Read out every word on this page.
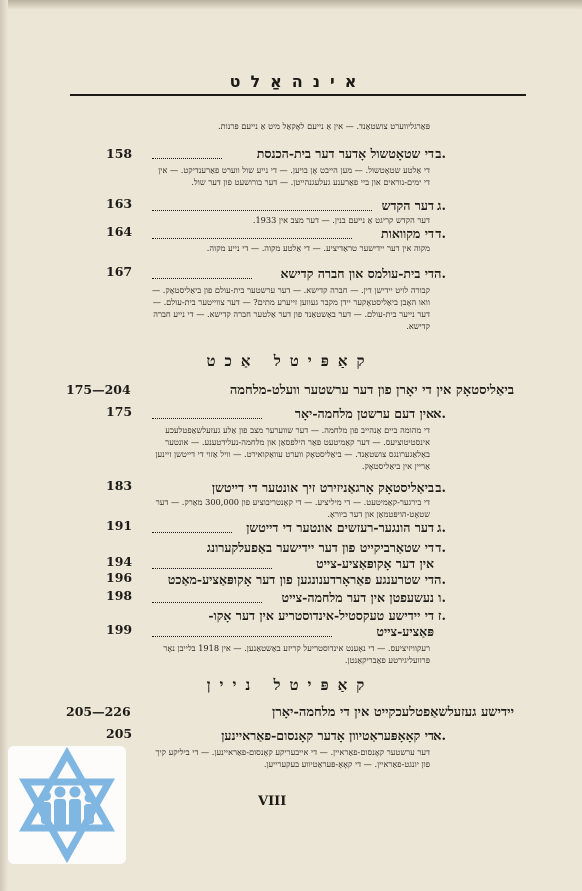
אינהאַלט
פּאַרגליווערט צושטאַנד. — אין אַ נייעם לאָקאַל מיט אַ נייעם פּרנות.
ב.
די שטאָטשול אָדער דער בית-הכנסת
158
די אַלטע שטאָטשול. — מען הייבט אָן בויען. — די נייע שול ווערט פאַרענדיקט. — אין די ימים-נוראים און ביי פאַרענע געלעגנהייטן. — דער בורושעט פון דער שול.
ג.
דער הקדש
163
דער הקדש קריגט אַ נייעם בנין. — דער מצב אין 1933.
ד.
די מקוואות
164
מקוה אין דער יידישער טראַדיציע. — די אַלטע מקוה. — די נייע מקוה.
ה.
די בית-עולמס און חברה קדישא
167
קבורה לויט יידישן דין. — חברה קדישא. — דער ערשטער בית-עולם פון ביאַליסטאָק. — וואו האָבן ביאַליסטאָקער יידן מקבר געווען זייערע מתים? — דער צווייטער בית-עולם. — דער נייער בית-עולם. — דער באַשטאַנד פון דער אַלטער חברה קדישא. — די נייע חברה קדישא.
קאַפּיטל אַכט
ביאַליסטאָק אין די יאָרן פון דער ערשטער וועלט-מלחמה
175—204
א.
אין דעם ערשטן מלחמה-יאָר
175
די מהומה ביים אַנהייב פון מלחמה. — דער שווערער מצב פון אַלע געזעלשאַפטלעכע אינסטיטוציעס. — דער קאַמיטעט פאַר הילפסאַן און מלחמה-נעלידטענע. — אונטער באַלאַגערונגס צושטאַנד. — ביאַליסטאָק ווערט עוואַקואירט. — וויל אַזוי די דייטשן זיינען אַריין אין ביאַליסטאָק.
ב.
ביאַליסטאָק אָרגאַניזירט זיך אונטער די דייטשן
183
די בירגער-קאַמיטעט. — די מיליציע. — די קאָנטריבוציע פון 300,000 מאַרק. — דער שטאָט-הויפּטמאַן און דער ביוראָ.
ג.
דער הונגער-רעזשים אונטער די דייטשן
191
ד.
די שטאַרביקייט פון דער יידישער באַפעלקערונג
אין דער אָקופּאַציע-צייט
194
ה.
די שטרענגע פאַראָרדענונגען פון דער אָקופּאַציע-מאַכט
196
ו.
נעשעפטן אין דער מלחמה-צייט
198
ז.
די יידישע טעקסטיל-אינדוסטריע אין דער אָקו-
פּאַציע-צייט
199
רעקוויזיציעס. — די נאָענט אינדוסטריעל קריזע באַשטאַנען. — אין 1918 בלייבן נאָר פּרוועליגירטע פאַבריקאַנטן.
קאַפּיטל ניין
יידישע געזעלשאַפטלעכקייט אין די מלחמה-יאָרן
205—226
א.
די קאָאָפּעראַטיוון אָדער קאָנסום-פאַראיינען
205
דער ערשטער קאָנסום-פאַראיין. — די אייבעריקע קאָנסום-פאַראיינען. — די ביליקע קיך פון יונגט-פאַראיין. — די קאָאָ-פּעראַטיווע בעקערייען.
VIII
